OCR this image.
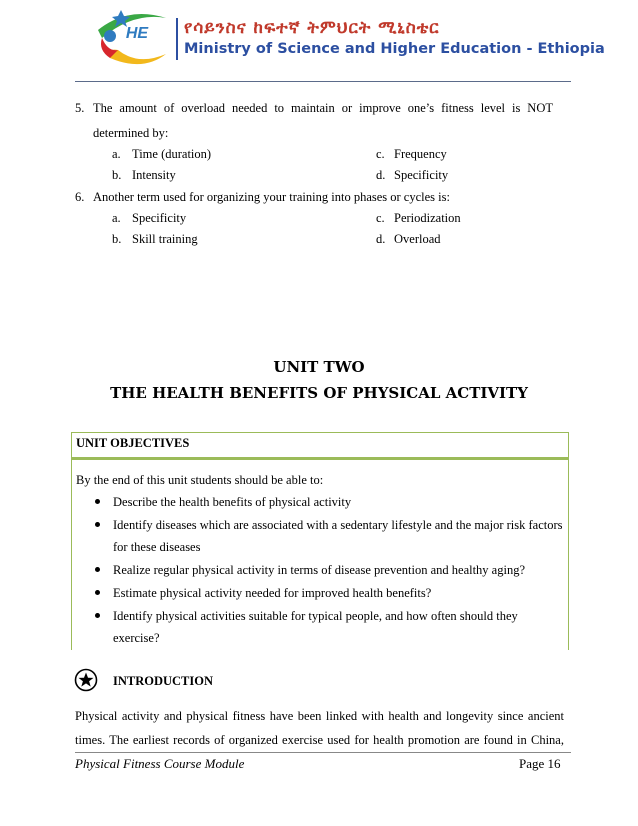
HE	የሳይንስና ከፍተኛ ትምህርት ሚኒስቴር
Ministry of Science and Higher Education - Ethiopia
5. The amount of overload needed to maintain or improve one’s fitness level is NOT
determined by:
a. Time (duration)	c. Frequency
b. Intensity	d. Specificity
6. Another term used for organizing your training into phases or cycles is:
a. Specificity	c. Periodization
b. Skill training	d. Overload
UNIT TWO
THE HEALTH BENEFITS OF PHYSICAL ACTIVITY
UNIT OBJECTIVES
By the end of this unit students should be able to:
Describe the health benefits of physical activity
Identify diseases which are associated with a sedentary lifestyle and the major risk factors
for these diseases
Realize regular physical activity in terms of disease prevention and healthy aging?
Estimate physical activity needed for improved health benefits?
Identify physical activities suitable for typical people, and how often should they
exercise?
INTRODUCTION
Physical activity and physical fitness have been linked with health and longevity since ancient
times. The earliest records of organized exercise used for health promotion are found in China,
Physical Fitness Course Module	Page 16
